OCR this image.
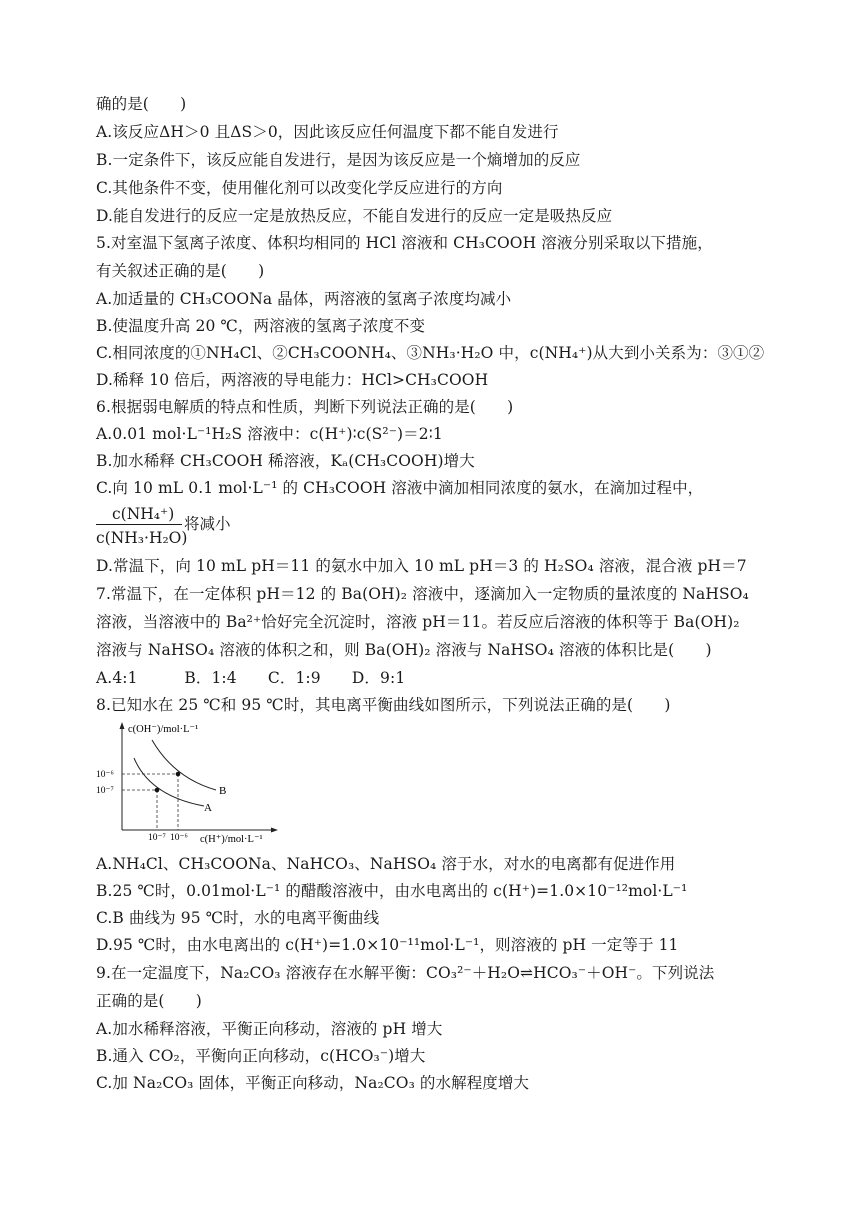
确的是(　　)
A.该反应ΔH＞0 且ΔS＞0，因此该反应任何温度下都不能自发进行
B.一定条件下，该反应能自发进行，是因为该反应是一个熵增加的反应
C.其他条件不变，使用催化剂可以改变化学反应进行的方向
D.能自发进行的反应一定是放热反应，不能自发进行的反应一定是吸热反应
5.对室温下氢离子浓度、体积均相同的 HCl 溶液和 CH₃COOH 溶液分别采取以下措施，
有关叙述正确的是(　　)
A.加适量的 CH₃COONa 晶体，两溶液的氢离子浓度均减小
B.使温度升高 20 ℃，两溶液的氢离子浓度不变
C.相同浓度的①NH₄Cl、②CH₃COONH₄、③NH₃·H₂O 中，c(NH₄⁺)从大到小关系为：③①②
D.稀释 10 倍后，两溶液的导电能力：HCl>CH₃COOH
6.根据弱电解质的特点和性质，判断下列说法正确的是(　　)
A.0.01 mol·L⁻¹H₂S 溶液中：c(H⁺)∶c(S²⁻)＝2∶1
B.加水稀释 CH₃COOH 稀溶液，Kₐ(CH₃COOH)增大
C.向 10 mL 0.1 mol·L⁻¹ 的 CH₃COOH 溶液中滴加相同浓度的氨水，在滴加过程中，
c(NH₄⁺)
将减小
c(NH₃·H₂O)
D.常温下，向 10 mL pH＝11 的氨水中加入 10 mL pH＝3 的 H₂SO₄ 溶液，混合液 pH＝7
7.常温下，在一定体积 pH＝12 的 Ba(OH)₂ 溶液中，逐滴加入一定物质的量浓度的 NaHSO₄
溶液，当溶液中的 Ba²⁺恰好完全沉淀时，溶液 pH＝11。若反应后溶液的体积等于 Ba(OH)₂
溶液与 NaHSO₄ 溶液的体积之和，则 Ba(OH)₂ 溶液与 NaHSO₄ 溶液的体积比是(　　)
A.4:1　　　B．1:4　　C．1:9　　D．9:1
8.已知水在 25 ℃和 95 ℃时，其电离平衡曲线如图所示，下列说法正确的是(　　)
c(OH⁻)/mol·L⁻¹
c(H⁺)/mol·L⁻¹
10⁻⁶
10⁻⁷
10⁻⁷ 10⁻⁶
B
A
A.NH₄Cl、CH₃COONa、NaHCO₃、NaHSO₄ 溶于水，对水的电离都有促进作用
B.25 ℃时，0.01mol·L⁻¹ 的醋酸溶液中，由水电离出的 c(H⁺)=1.0×10⁻¹²mol·L⁻¹
C.B 曲线为 95 ℃时，水的电离平衡曲线
D.95 ℃时，由水电离出的 c(H⁺)=1.0×10⁻¹¹mol·L⁻¹，则溶液的 pH 一定等于 11
9.在一定温度下，Na₂CO₃ 溶液存在水解平衡：CO₃²⁻＋H₂O⇌HCO₃⁻＋OH⁻。下列说法
正确的是(　　)
A.加水稀释溶液，平衡正向移动，溶液的 pH 增大
B.通入 CO₂，平衡向正向移动，c(HCO₃⁻)增大
C.加 Na₂CO₃ 固体，平衡正向移动，Na₂CO₃ 的水解程度增大
